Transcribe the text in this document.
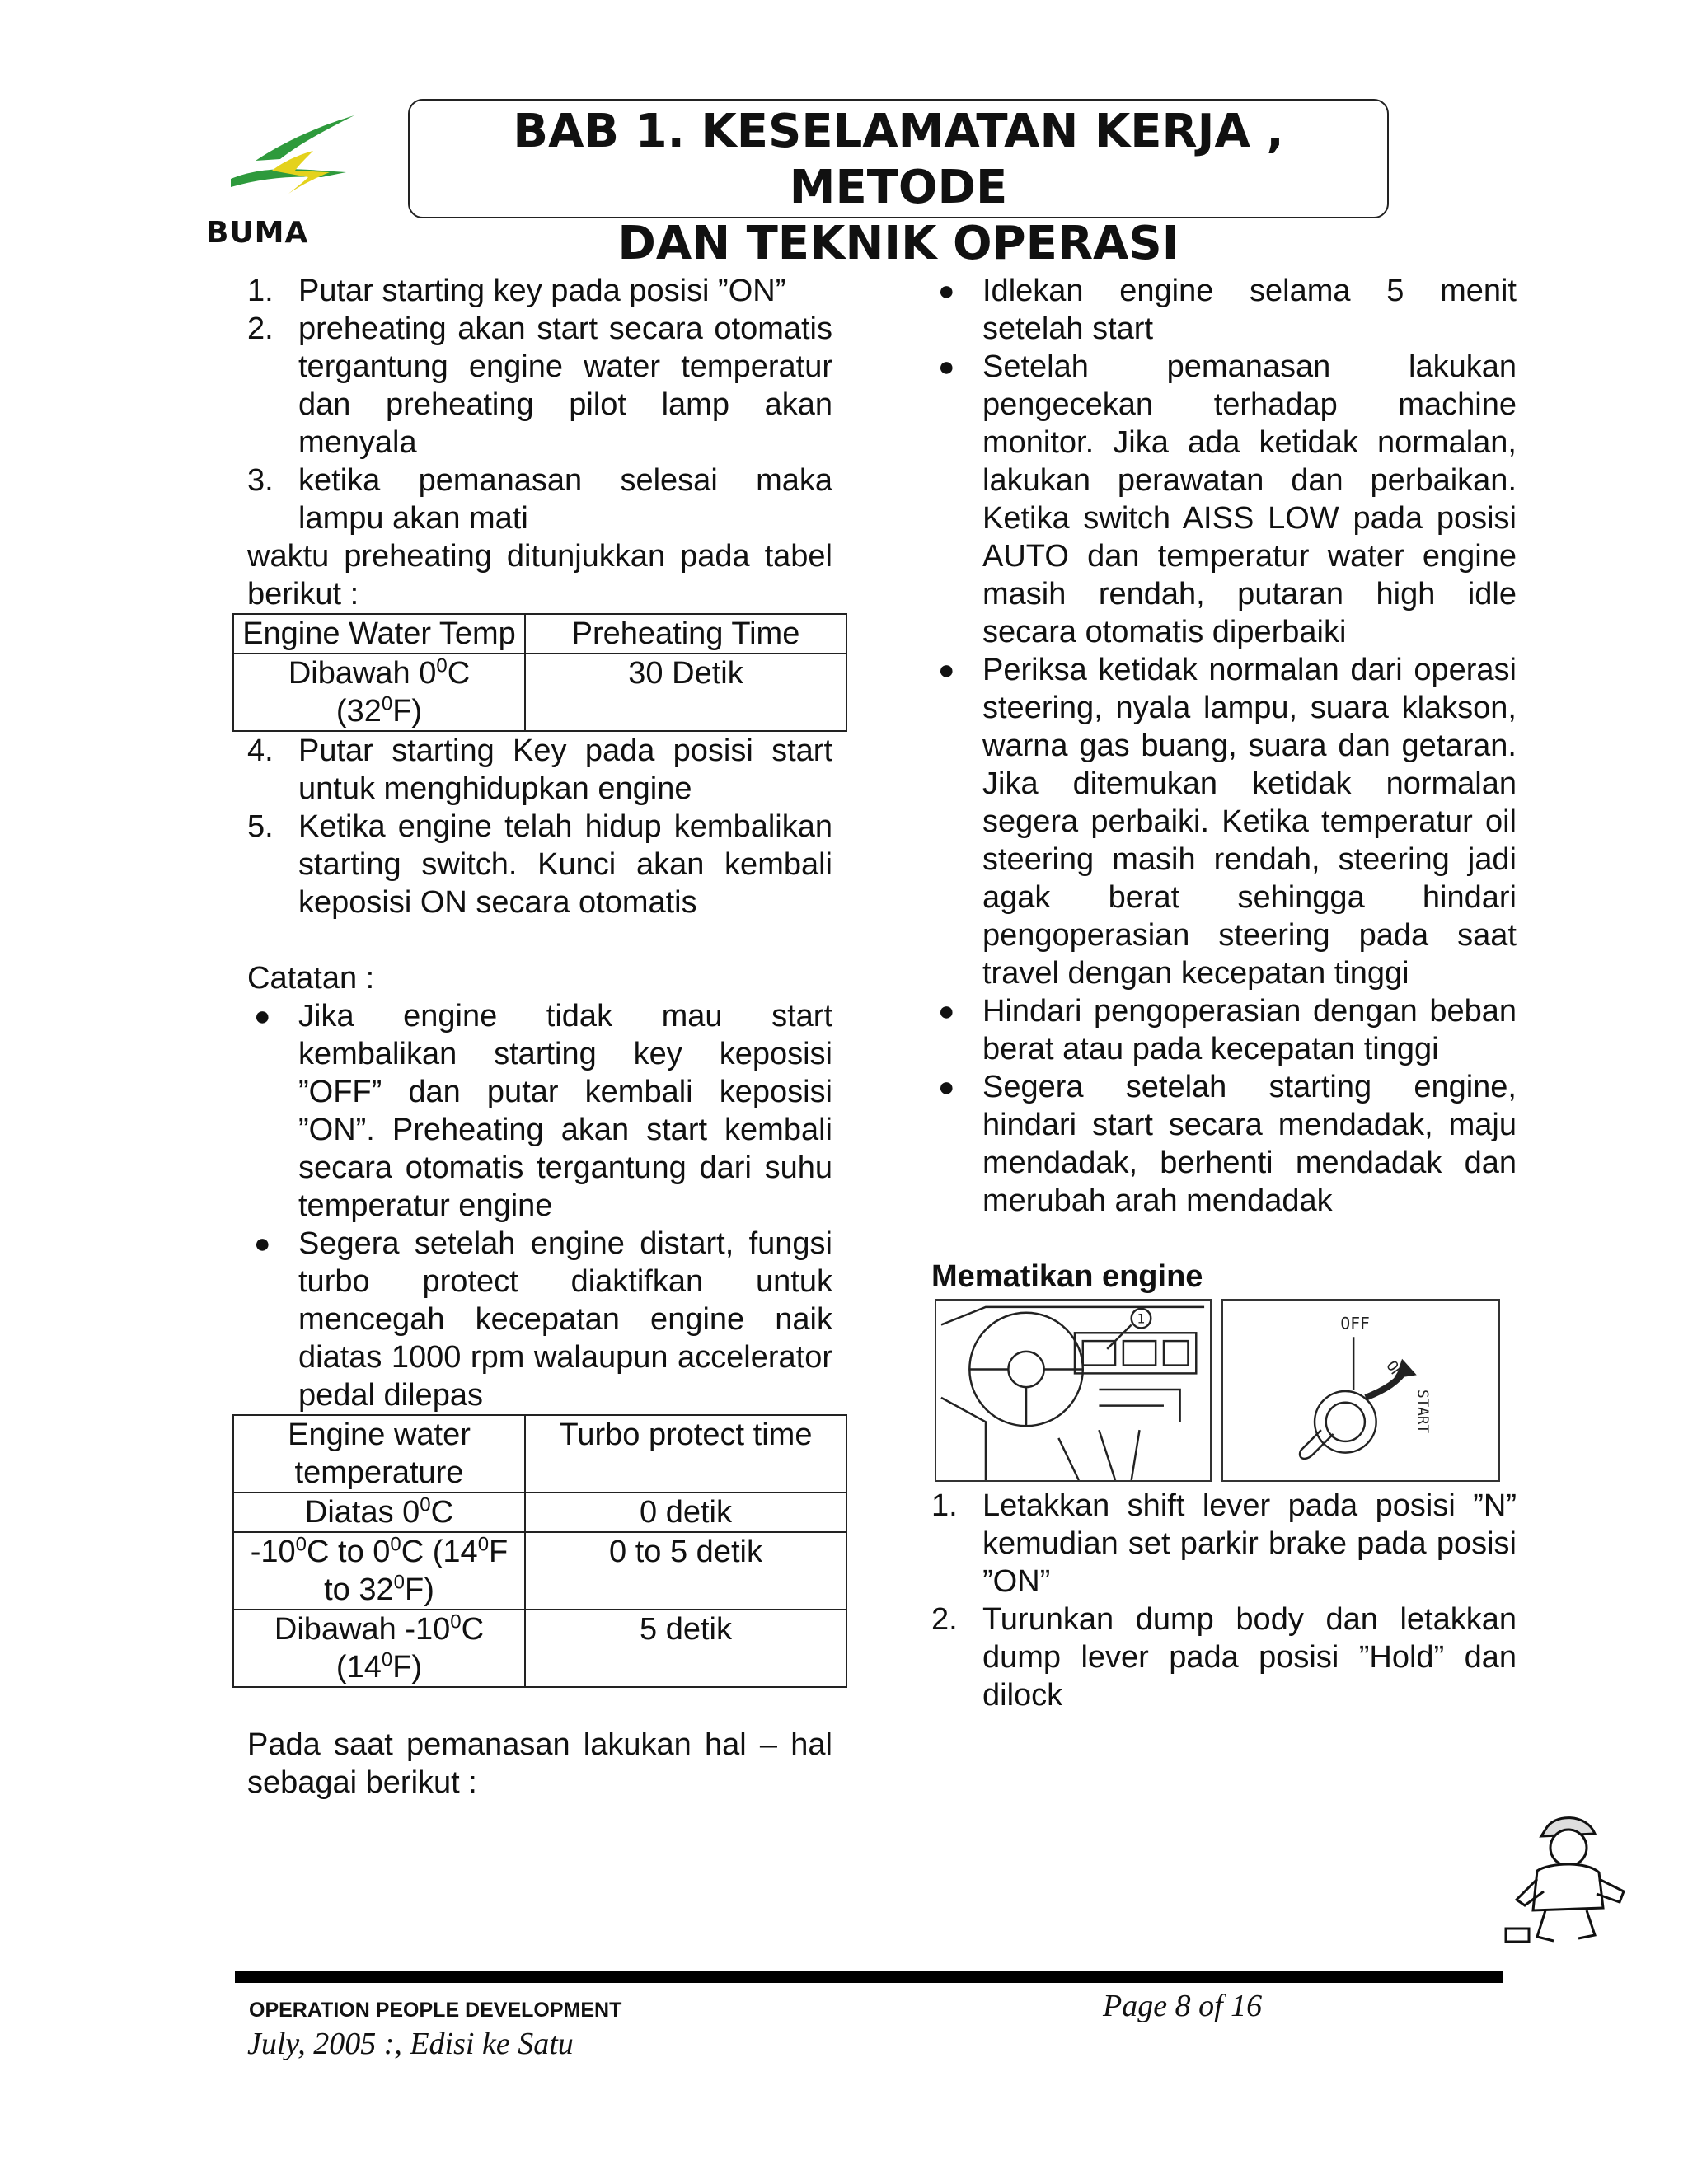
BUMA
BAB 1. KESELAMATAN KERJA , METODE
DAN TEKNIK OPERASI
1. Putar starting key pada posisi ”ON”

2. preheating akan start secara otomatis tergantung engine water temperatur dan preheating pilot lamp akan menyala

3. ketika pemanasan selesai maka lampu akan mati

waktu preheating ditunjukkan pada tabel berikut :

Engine Water Temp	Preheating Time
Dibawah $0^0C$
$(32^0F)$	30 Detik
4. Putar starting Key pada posisi start untuk menghidupkan engine

5. Ketika engine telah hidup kembalikan starting switch. Kunci akan kembali keposisi ON secara otomatis

Catatan :

● Jika engine tidak mau start kembalikan starting key keposisi ”OFF” dan putar kembali keposisi ”ON”. Preheating akan start kembali secara otomatis tergantung dari suhu temperatur engine

● Segera setelah engine distart, fungsi turbo protect diaktifkan untuk mencegah kecepatan engine naik diatas 1000 rpm walaupun accelerator pedal dilepas

Engine water temperature	Turbo protect time
Diatas $0^0C$	0 detik
$-10^0C$ to $0^0C$ ($14^0F$
to $32^0F$)	0 to 5 detik
Dibawah $-10^0C$
$(14^0F)$	5 detik

Pada saat pemanasan lakukan hal – hal sebagai berikut :

● Idlekan engine selama 5 menit setelah start

● Setelah pemanasan lakukan pengecekan terhadap machine monitor. Jika ada ketidak normalan, lakukan perawatan dan perbaikan. Ketika switch AISS LOW pada posisi AUTO dan temperatur water engine masih rendah, putaran high idle secara otomatis diperbaiki

● Periksa ketidak normalan dari operasi steering, nyala lampu, suara klakson, warna gas buang, suara dan getaran. Jika ditemukan ketidak normalan segera perbaiki. Ketika temperatur oil steering masih rendah, steering jadi agak berat sehingga hindari pengoperasian steering pada saat travel dengan kecepatan tinggi

● Hindari pengoperasian dengan beban berat atau pada kecepatan tinggi

● Segera setelah starting engine, hindari start secara mendadak, maju mendadak, berhenti mendadak dan merubah arah mendadak

Mematikan engine

1	OFF
ON
START
1. Letakkan shift lever pada posisi ”N” kemudian set parkir brake pada posisi ”ON”

2. Turunkan dump body dan letakkan dump lever pada posisi ”Hold” dan dilock

OPERATION PEOPLE DEVELOPMENT	Page 8 of 16
July, 2005 :, Edisi ke Satu
